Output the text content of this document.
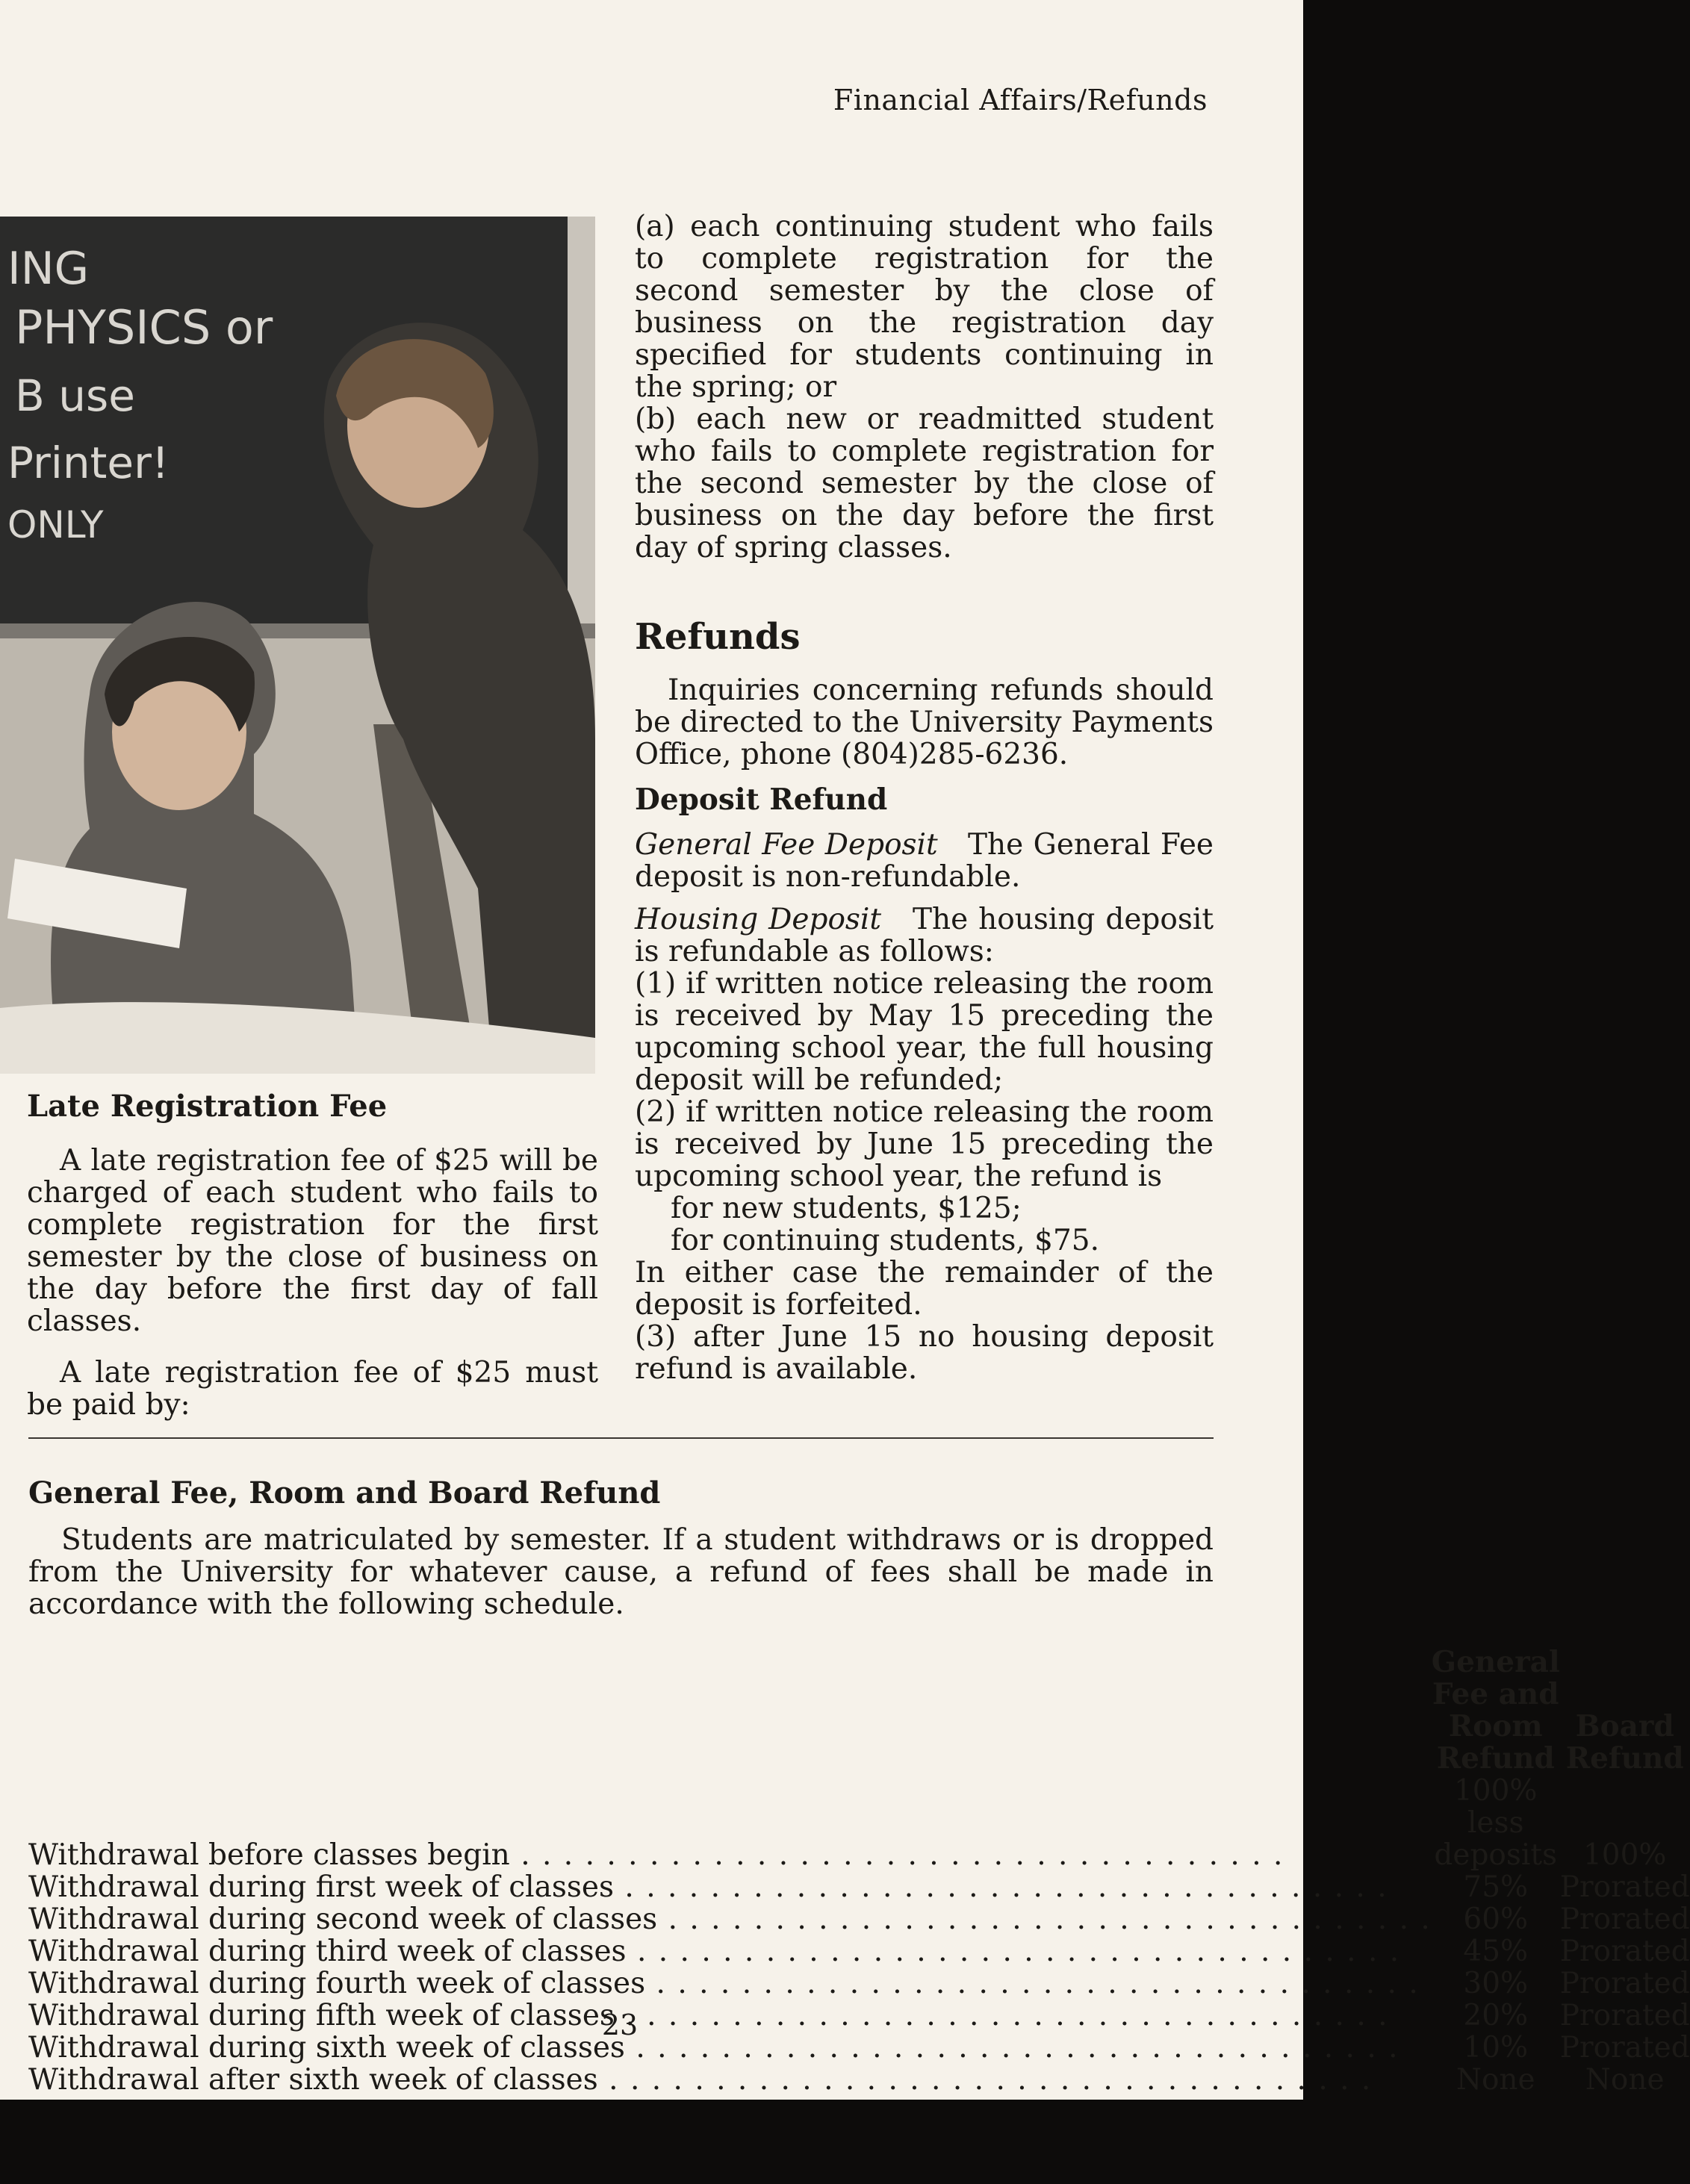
Financial Affairs/Refunds
ING
PHYSICS or
B use
Printer!
ONLY
Late Registration Fee

A late registration fee of $25 will be charged of each student who fails to complete registration for the first semester by the close of business on the day before the first day of fall classes.

A late registration fee of $25 must be paid by:

(a) each continuing student who fails to complete registration for the second semester by the close of business on the registration day specified for students continuing in the spring; or

(b) each new or readmitted student who fails to complete registration for the second semester by the close of business on the day before the first day of spring classes.

Refunds

Inquiries concerning refunds should be directed to the University Payments Office, phone (804)285-6236.

Deposit Refund

General Fee Deposit The General Fee deposit is non-refundable.

Housing Deposit The housing deposit is refundable as follows:

(1) if written notice releasing the room is received by May 15 preceding the upcoming school year, the full housing deposit will be refunded;

(2) if written notice releasing the room is received by June 15 preceding the upcoming school year, the refund is

for new students, $125;
for continuing students, $75.

In either case the remainder of the deposit is forfeited.

(3) after June 15 no housing deposit refund is available.

General Fee, Room and Board Refund

Students are matriculated by semester. If a student withdraws or is dropped from the University for whatever cause, a refund of fees shall be made in accordance with the following schedule.

	General Fee and
Room Refund	Board
Refund
Withdrawal before classes begin . . .	100% less deposits	100%
Withdrawal during first week of classes . . .	75%	Prorated
Withdrawal during second week of classes . . .	60%	Prorated
Withdrawal during third week of classes . . .	45%	Prorated
Withdrawal during fourth week of classes . . .	30%	Prorated
Withdrawal during fifth week of classes . . .	20%	Prorated
Withdrawal during sixth week of classes . . .	10%	Prorated
Withdrawal after sixth week of classes . . .	None	None
23
